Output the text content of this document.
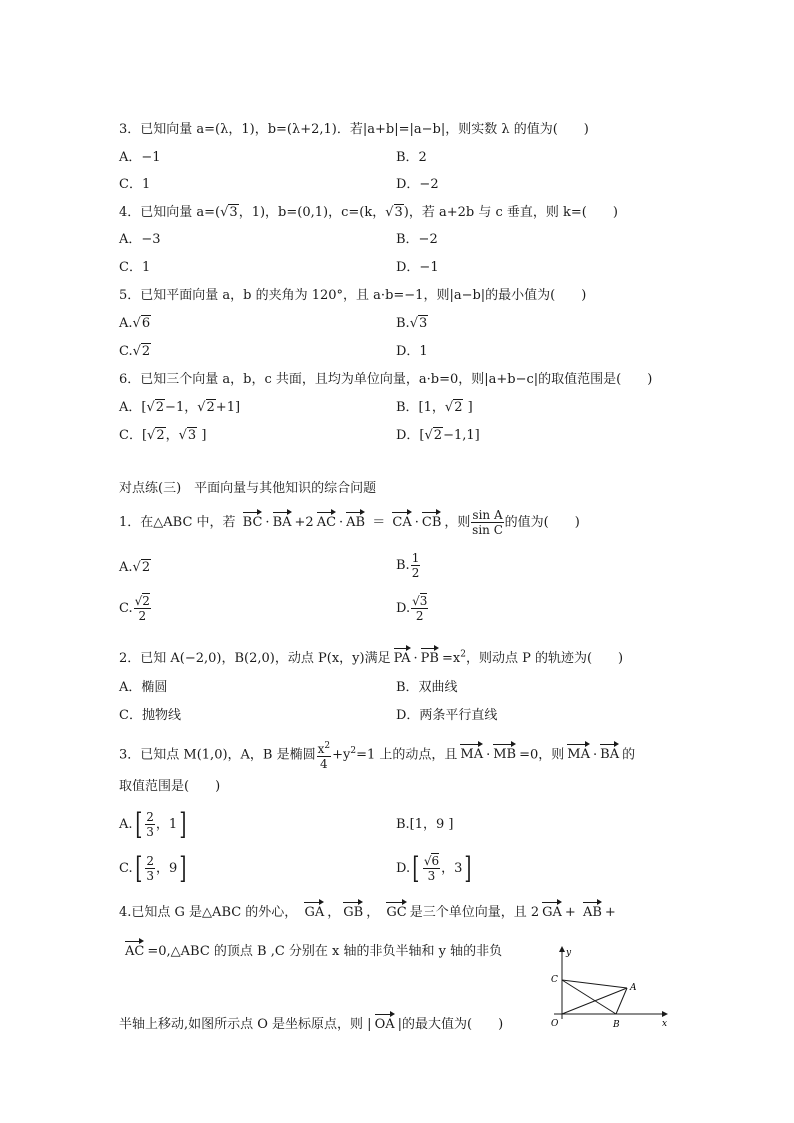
3．已知向量 a=(λ，1)，b=(λ+2,1)．若|a+b|=|a−b|，则实数 λ 的值为(　　)
A．−1	B．2
C．1	D．−2
4．已知向量 a=(√3，1)，b=(0,1)，c=(k，√3)，若 a+2b 与 c 垂直，则 k=(　　)
A．−3	B．−2
C．1	D．−1
5．已知平面向量 a，b 的夹角为 120°，且 a·b=−1，则|a−b|的最小值为(　　)
A.√6	B.√3
C.√2	D．1
6．已知三个向量 a，b，c 共面，且均为单位向量，a·b=0，则|a+b−c|的取值范围是(　　)
A．[√2−1，√2+1]	B．[1，√2 ]
C．[√2，√3 ]	D．[√2−1,1]
对点练(三)　平面向量与其他知识的综合问题
1．在△ABC 中，若 BC · BA +2 AC · AB ＝ CA · CB ，则 $\frac{\text{sin A}}{\text{sin C}}$ 的值为(　　)
A.√2	B. $\frac{1}{2}$
C. $\frac{√2}{2}$	D. $\frac{√3}{2}$
2．已知 A(−2,0)，B(2,0)，动点 P(x，y)满足 PA · PB $=x^2$，则动点 P 的轨迹为(　　)
A．椭圆	B．双曲线
C．抛物线	D．两条平行直线
3．已知点 M(1,0)，A，B 是椭圆 $\frac{x^2}{4} +y^2=1$ 上的动点，且 MA · MB =0，则 MA · BA 的
取值范围是(　　)
$A.[ \frac{2}{3}$ ，1]	B.[1，9 ]
$C.[ \frac{2}{3}$ ，9]	$D.[ \frac{√6}{3}$ ，3]
4.已知点 G 是△ABC 的外心， GA ， GB ， GC 是三个单位向量，且 2 GA + AB +
AC =0,△ABC 的顶点 B ,C 分别在 x 轴的非负半轴和 y 轴的非负
半轴上移动,如图所示点 O 是坐标原点，则 | OA |的最大值为(　　)
y
x
O
A
B
C
